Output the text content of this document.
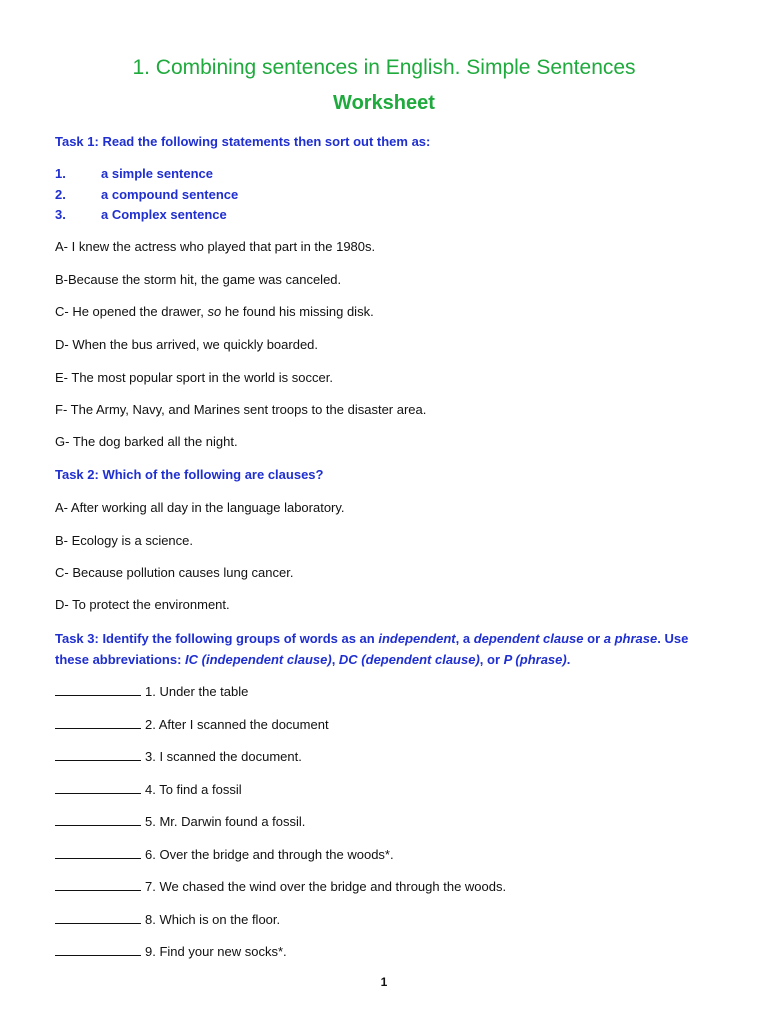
1. Combining sentences in English. Simple Sentences
Worksheet
Task 1: Read the following statements then sort out them as:
1.	a simple sentence
2.	a compound sentence
3.	a Complex sentence
A- I knew the actress who played that part in the 1980s.
B-Because the storm hit, the game was canceled.
C- He opened the drawer, so he found his missing disk.
D- When the bus arrived, we quickly boarded.
E- The most popular sport in the world is soccer.
F- The Army, Navy, and Marines sent troops to the disaster area.
G- The dog barked all the night.
Task 2: Which of the following are clauses?
A- After working all day in the language laboratory.
B- Ecology is a science.
C- Because pollution causes lung cancer.
D- To protect the environment.
Task 3: Identify the following groups of words as an independent, a dependent clause or a phrase. Use
these abbreviations: IC (independent clause), DC (dependent clause), or P (phrase).
1. Under the table
2. After I scanned the document
3. I scanned the document.
4. To find a fossil
5. Mr. Darwin found a fossil.
6. Over the bridge and through the woods*.
7. We chased the wind over the bridge and through the woods.
8. Which is on the floor.
9. Find your new socks*.
1
